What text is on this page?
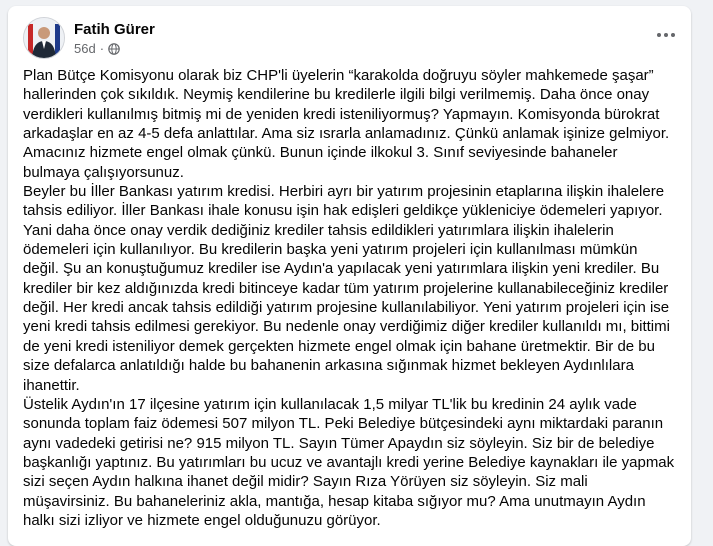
Fatih Gürer
56d ·

Plan Bütçe Komisyonu olarak biz CHP'li üyelerin “karakolda doğruyu söyler mahkemede şaşar” hallerinden çok sıkıldık. Neymiş kendilerine bu kredilerle ilgili bilgi verilmemiş. Daha önce onay verdikleri kullanılmış bitmiş mi de yeniden kredi isteniliyormuş? Yapmayın. Komisyonda bürokrat arkadaşlar en az 4-5 defa anlattılar. Ama siz ısrarla anlamadınız. Çünkü anlamak işinize gelmiyor. Amacınız hizmete engel olmak çünkü. Bunun içinde ilkokul 3. Sınıf seviyesinde bahaneler bulmaya çalışıyorsunuz.

Beyler bu İller Bankası yatırım kredisi. Herbiri ayrı bir yatırım projesinin etaplarına ilişkin ihalelere tahsis ediliyor. İller Bankası ihale konusu işin hak edişleri geldikçe yükleniciye ödemeleri yapıyor. Yani daha önce onay verdik dediğiniz krediler tahsis edildikleri yatırımlara ilişkin ihalelerin ödemeleri için kullanılıyor. Bu kredilerin başka yeni yatırım projeleri için kullanılması mümkün değil. Şu an konuştuğumuz krediler ise Aydın'a yapılacak yeni yatırımlara ilişkin yeni krediler. Bu krediler bir kez aldığınızda kredi bitinceye kadar tüm yatırım projelerine kullanabileceğiniz krediler değil. Her kredi ancak tahsis edildiği yatırım projesine kullanılabiliyor. Yeni yatırım projeleri için ise yeni kredi tahsis edilmesi gerekiyor. Bu nedenle onay verdiğimiz diğer krediler kullanıldı mı, bittimi de yeni kredi isteniliyor demek gerçekten hizmete engel olmak için bahane üretmektir. Bir de bu size defalarca anlatıldığı halde bu bahanenin arkasına sığınmak hizmet bekleyen Aydınlılara ihanettir.

Üstelik Aydın'ın 17 ilçesine yatırım için kullanılacak 1,5 milyar TL'lik bu kredinin 24 aylık vade sonunda toplam faiz ödemesi 507 milyon TL. Peki Belediye bütçesindeki aynı miktardaki paranın aynı vadedeki getirisi ne? 915 milyon TL. Sayın Tümer Apaydın siz söyleyin. Siz bir de belediye başkanlığı yaptınız. Bu yatırımları bu ucuz ve avantajlı kredi yerine Belediye kaynakları ile yapmak sizi seçen Aydın halkına ihanet değil midir? Sayın Rıza Yörüyen siz söyleyin. Siz mali müşavirsiniz. Bu bahaneleriniz akla, mantığa, hesap kitaba sığıyor mu? Ama unutmayın Aydın halkı sizi izliyor ve hizmete engel olduğunuzu görüyor.
